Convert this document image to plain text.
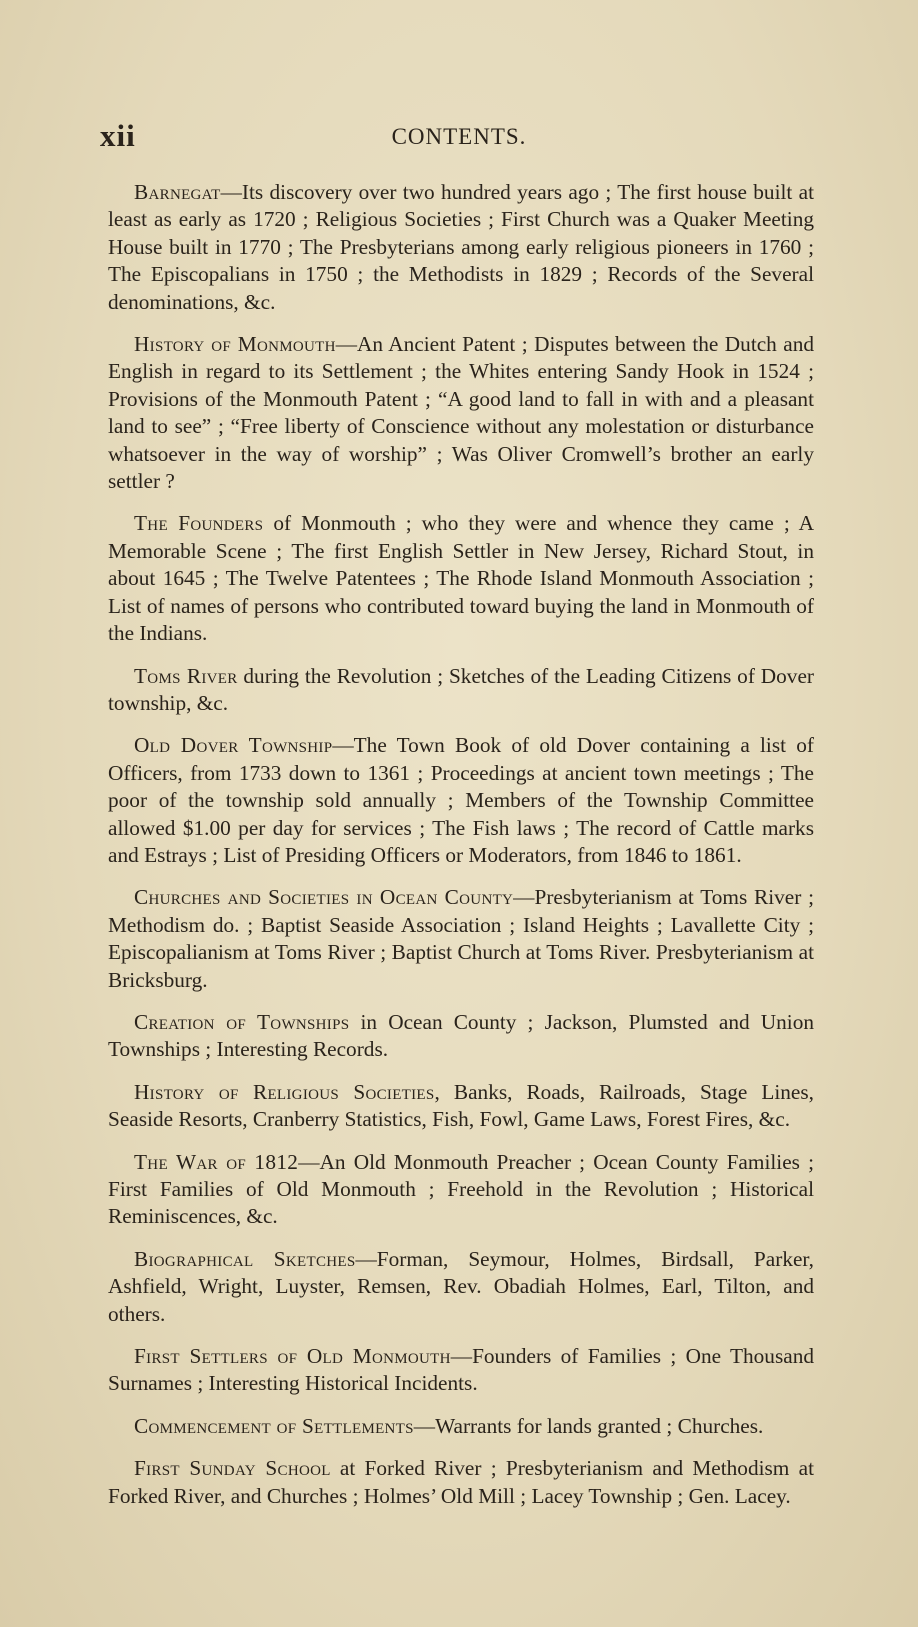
xii	CONTENTS.

Barnegat—Its discovery over two hundred years ago ; The first house built at least as early as 1720 ; Religious Societies ; First Church was a Quaker Meeting House built in 1770 ; The Presbyterians among early religious pioneers in 1760 ; The Episcopalians in 1750 ; the Methodists in 1829 ; Records of the Several denominations, &c.

History of Monmouth—An Ancient Patent ; Disputes between the Dutch and English in regard to its Settlement ; the Whites entering Sandy Hook in 1524 ; Provisions of the Monmouth Patent ; “A good land to fall in with and a pleasant land to see” ; “Free liberty of Conscience without any molestation or disturbance whatsoever in the way of worship” ; Was Oliver Cromwell’s brother an early settler ?

The Founders of Monmouth ; who they were and whence they came ; A Memorable Scene ; The first English Settler in New Jersey, Richard Stout, in about 1645 ; The Twelve Patentees ; The Rhode Island Monmouth Association ; List of names of persons who contributed toward buying the land in Monmouth of the Indians.

Toms River during the Revolution ; Sketches of the Leading Citizens of Dover township, &c.

Old Dover Township—The Town Book of old Dover containing a list of Officers, from 1733 down to 1361 ; Proceedings at ancient town meetings ; The poor of the township sold annually ; Members of the Township Committee allowed $1.00 per day for services ; The Fish laws ; The record of Cattle marks and Estrays ; List of Presiding Officers or Moderators, from 1846 to 1861.

Churches and Societies in Ocean County—Presbyterianism at Toms River ; Methodism do. ; Baptist Seaside Association ; Island Heights ; Lavallette City ; Episcopalianism at Toms River ; Baptist Church at Toms River. Presbyterianism at Bricksburg.

Creation of Townships in Ocean County ; Jackson, Plumsted and Union Townships ; Interesting Records.

History of Religious Societies, Banks, Roads, Railroads, Stage Lines, Seaside Resorts, Cranberry Statistics, Fish, Fowl, Game Laws, Forest Fires, &c.

The War of 1812—An Old Monmouth Preacher ; Ocean County Families ; First Families of Old Monmouth ; Freehold in the Revolution ; Historical Reminiscences, &c.

Biographical Sketches—Forman, Seymour, Holmes, Birdsall, Parker, Ashfield, Wright, Luyster, Remsen, Rev. Obadiah Holmes, Earl, Tilton, and others.

First Settlers of Old Monmouth—Founders of Families ; One Thousand Surnames ; Interesting Historical Incidents.

Commencement of Settlements—Warrants for lands granted ; Churches.

First Sunday School at Forked River ; Presbyterianism and Methodism at Forked River, and Churches ; Holmes’ Old Mill ; Lacey Township ; Gen. Lacey.
